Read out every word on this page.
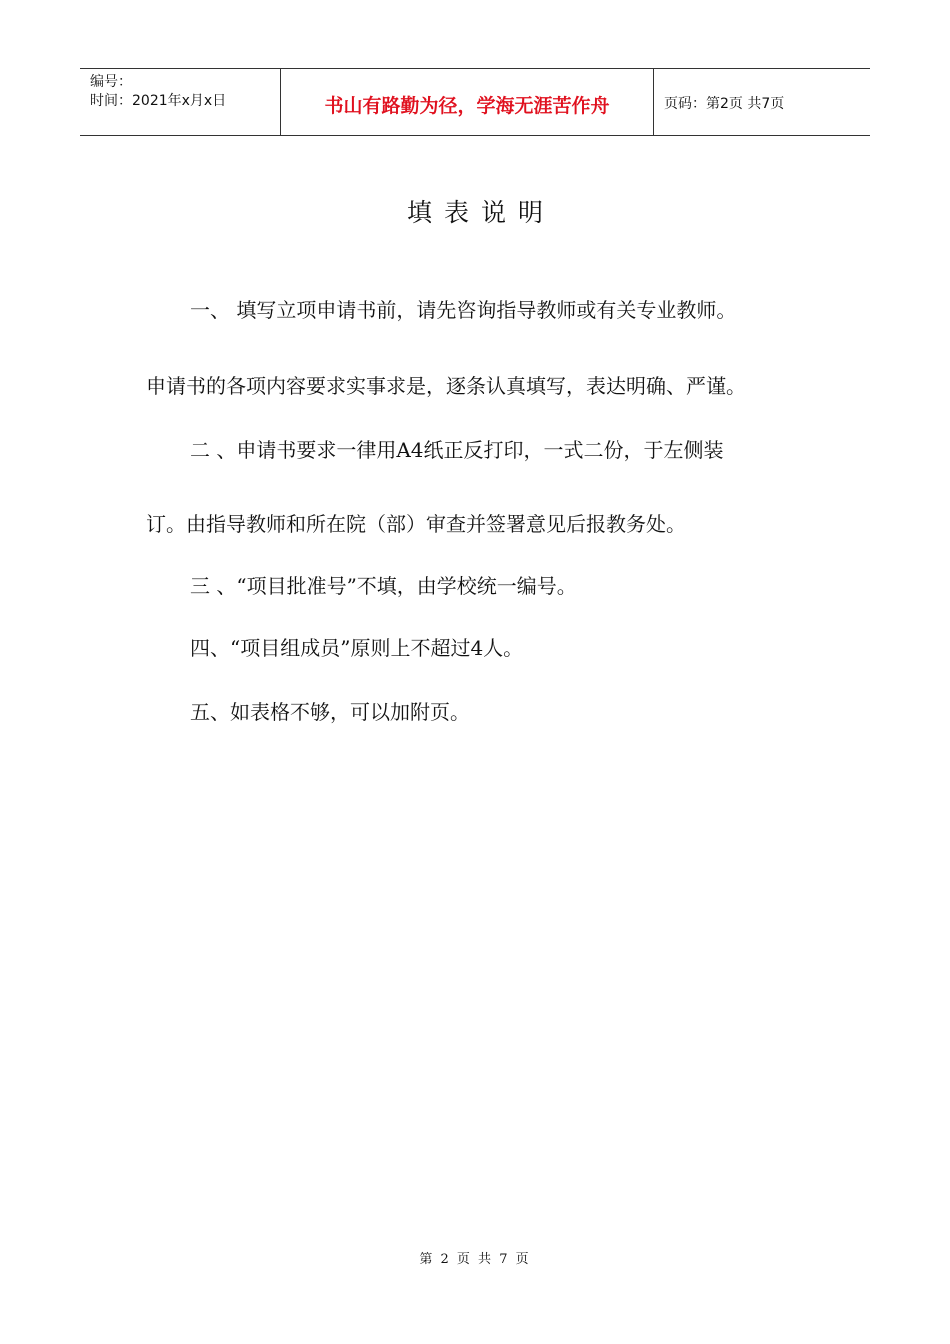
编号：
时间：2021年x月x日	书山有路勤为径，学海无涯苦作舟	页码：第2页 共7页
填表说明
一、 填写立项申请书前，请先咨询指导教师或有关专业教师。
申请书的各项内容要求实事求是，逐条认真填写，表达明确、严谨。
二 、申请书要求一律用A4纸正反打印，一式二份，于左侧装
订。由指导教师和所在院（部）审查并签署意见后报教务处。
三 、“项目批准号”不填，由学校统一编号。
四、“项目组成员”原则上不超过4人。
五、如表格不够，可以加附页。
第 2 页 共 7 页
